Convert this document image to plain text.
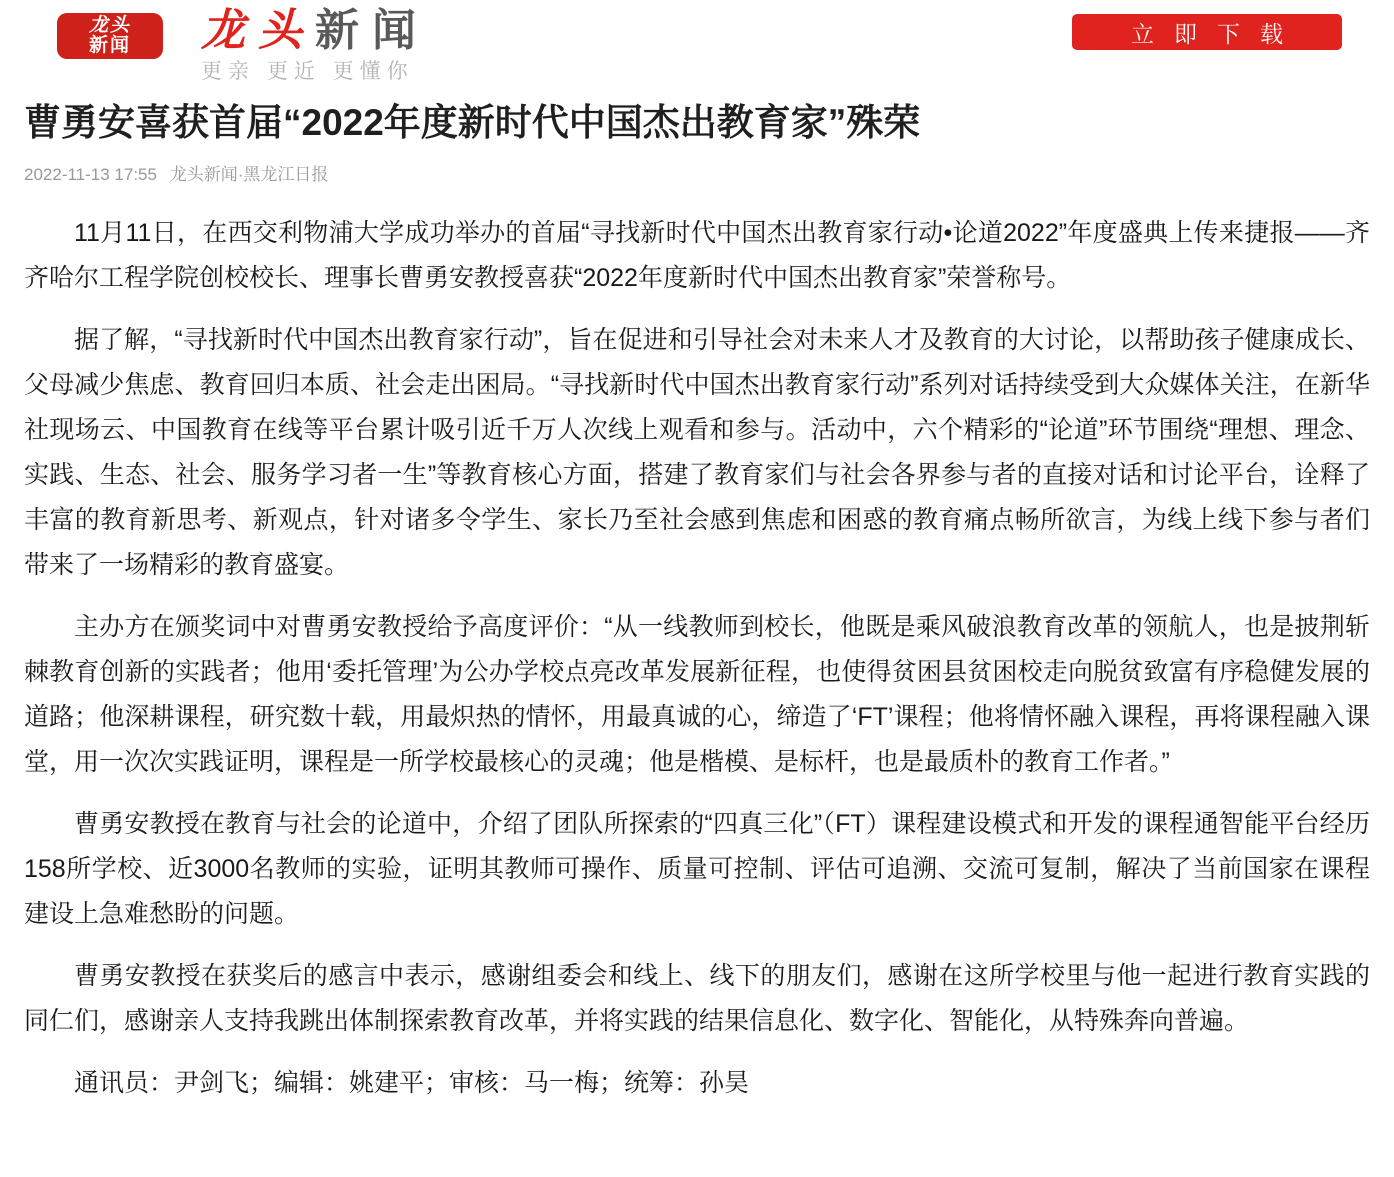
龙头
新闻 龙头新闻
更亲 更近 更懂你
立即下载
曹勇安喜获首届“2022年度新时代中国杰出教育家”殊荣
2022-11-13 17:55 龙头新闻·黑龙江日报

11月11日，在西交利物浦大学成功举办的首届“寻找新时代中国杰出教育家行动•论道2022”年度盛典上传来捷报——齐齐哈尔工程学院创校校长、理事长曹勇安教授喜获“2022年度新时代中国杰出教育家”荣誉称号。

据了解，“寻找新时代中国杰出教育家行动”，旨在促进和引导社会对未来人才及教育的大讨论，以帮助孩子健康成长、父母减少焦虑、教育回归本质、社会走出困局。“寻找新时代中国杰出教育家行动”系列对话持续受到大众媒体关注，在新华社现场云、中国教育在线等平台累计吸引近千万人次线上观看和参与。活动中，六个精彩的“论道”环节围绕“理想、理念、实践、生态、社会、服务学习者一生”等教育核心方面，搭建了教育家们与社会各界参与者的直接对话和讨论平台，诠释了丰富的教育新思考、新观点，针对诸多令学生、家长乃至社会感到焦虑和困惑的教育痛点畅所欲言，为线上线下参与者们带来了一场精彩的教育盛宴。

主办方在颁奖词中对曹勇安教授给予高度评价：“从一线教师到校长，他既是乘风破浪教育改革的领航人，也是披荆斩棘教育创新的实践者；他用‘委托管理’为公办学校点亮改革发展新征程，也使得贫困县贫困校走向脱贫致富有序稳健发展的道路；他深耕课程，研究数十载，用最炽热的情怀，用最真诚的心，缔造了‘FT’课程；他将情怀融入课程，再将课程融入课堂，用一次次实践证明，课程是一所学校最核心的灵魂；他是楷模、是标杆，也是最质朴的教育工作者。”

曹勇安教授在教育与社会的论道中，介绍了团队所探索的“四真三化”（FT）课程建设模式和开发的课程通智能平台经历158所学校、近3000名教师的实验，证明其教师可操作、质量可控制、评估可追溯、交流可复制，解决了当前国家在课程建设上急难愁盼的问题。

曹勇安教授在获奖后的感言中表示，感谢组委会和线上、线下的朋友们，感谢在这所学校里与他一起进行教育实践的同仁们，感谢亲人支持我跳出体制探索教育改革，并将实践的结果信息化、数字化、智能化，从特殊奔向普遍。

通讯员：尹剑飞；编辑：姚建平；审核：马一梅；统筹：孙昊
